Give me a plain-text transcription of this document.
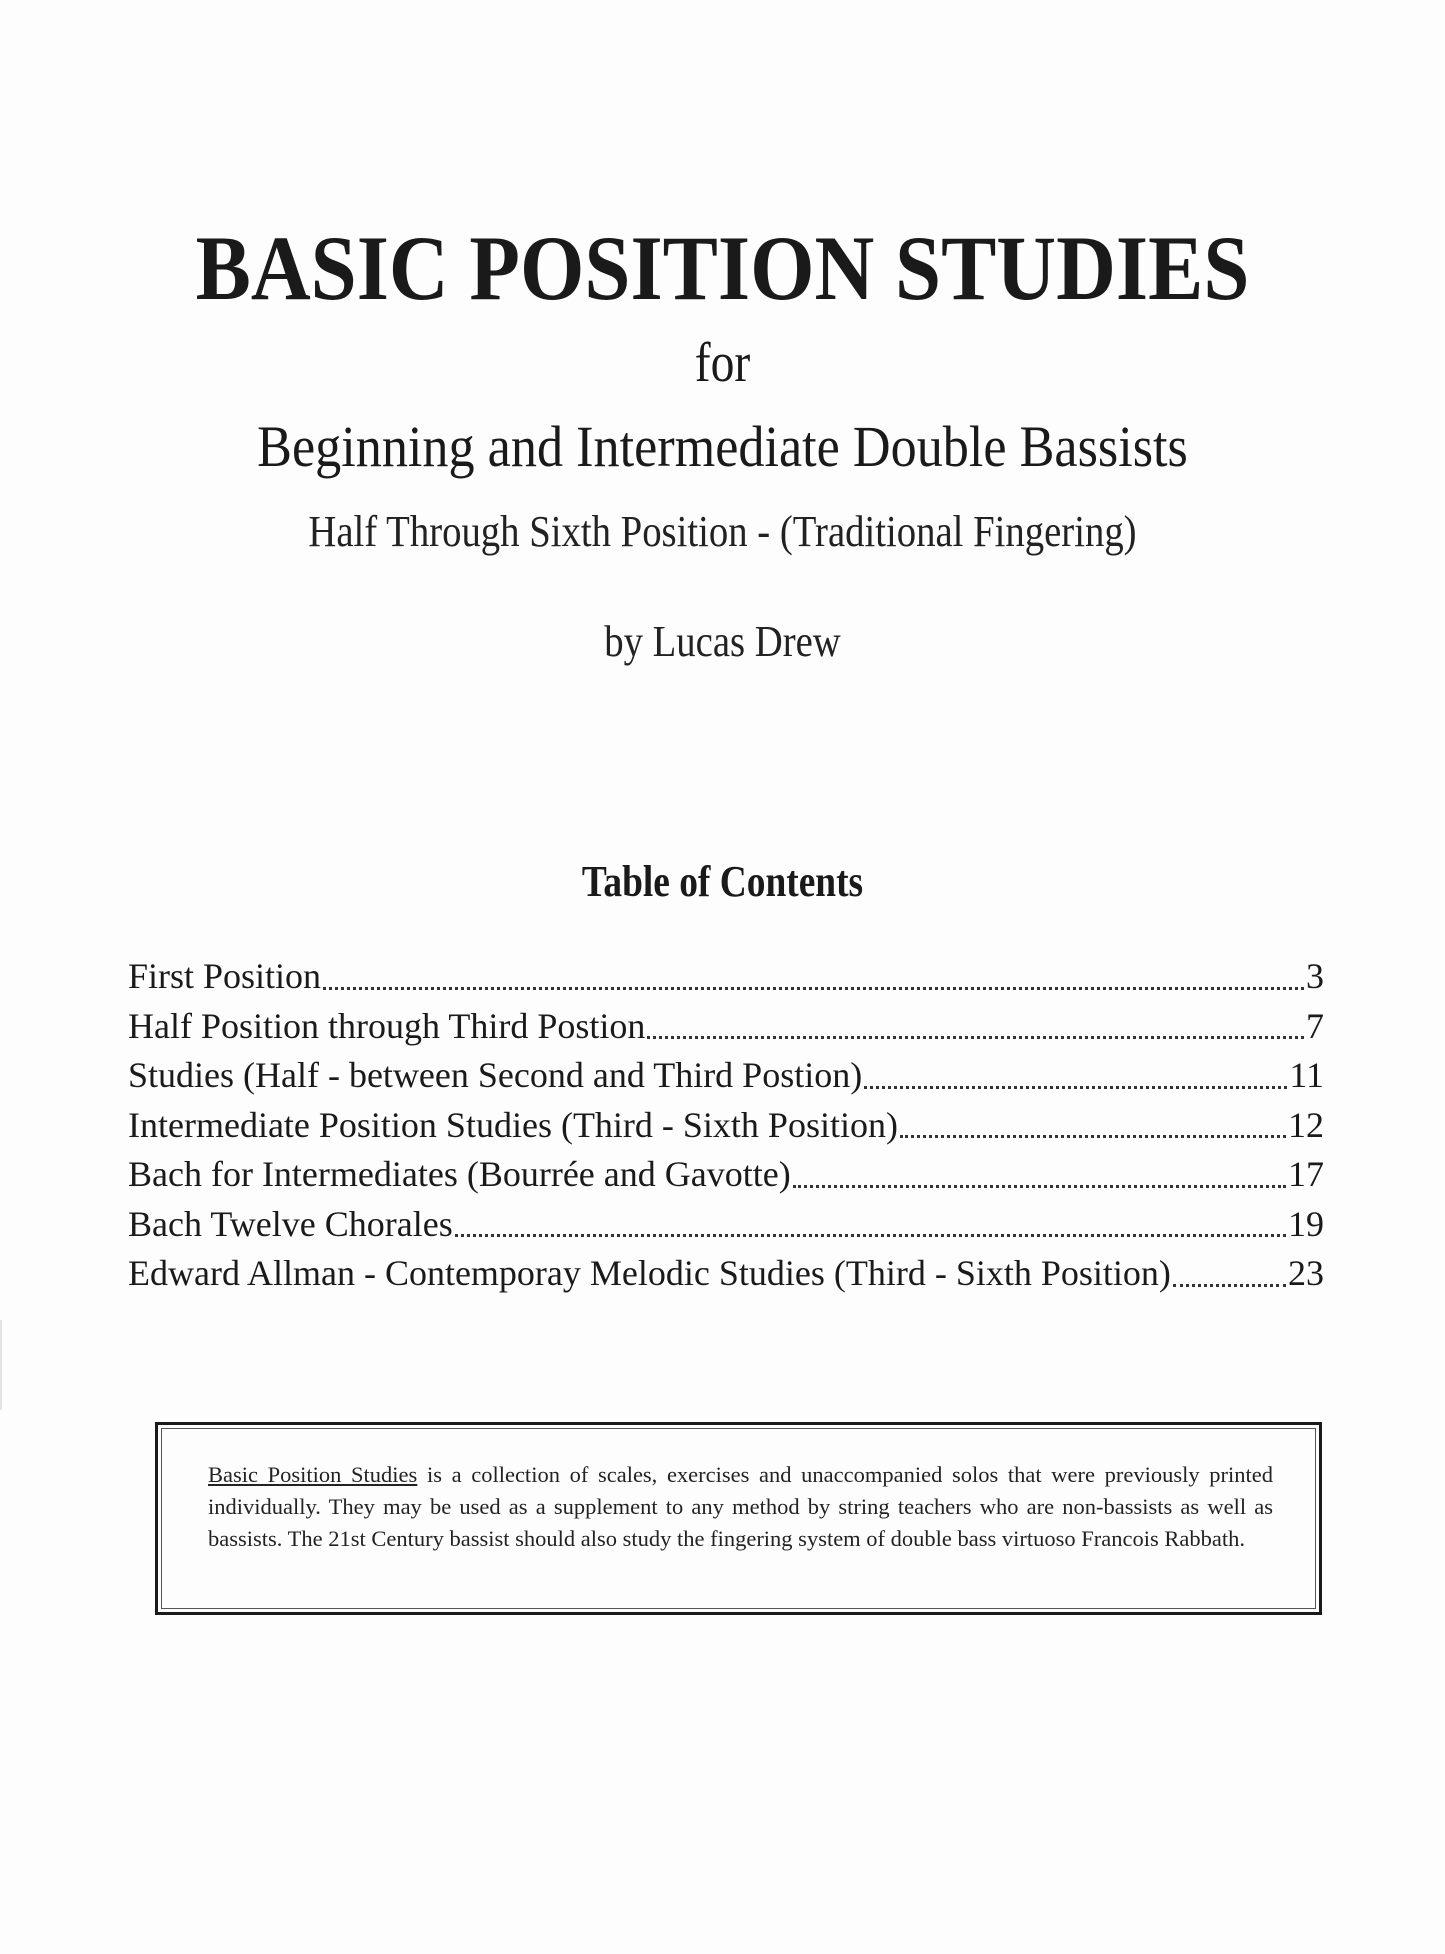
BASIC POSITION STUDIES
for
Beginning and Intermediate Double Bassists
Half Through Sixth Position - (Traditional Fingering)
by Lucas Drew
Table of Contents
First Position	3
Half Position through Third Postion	7
Studies (Half - between Second and Third Postion)	11
Intermediate Position Studies (Third - Sixth Position)	12
Bach for Intermediates (Bourrée and Gavotte)	17
Bach Twelve Chorales	19
Edward Allman - Contemporay Melodic Studies (Third - Sixth Position)	23
Basic Position Studies is a collection of scales, exercises and unaccompanied solos that were previously printed individually. They may be used as a supplement to any method by string teachers who are non-bassists as well as bassists. The 21st Century bassist should also study the fingering system of double bass virtuoso Francois Rabbath.
